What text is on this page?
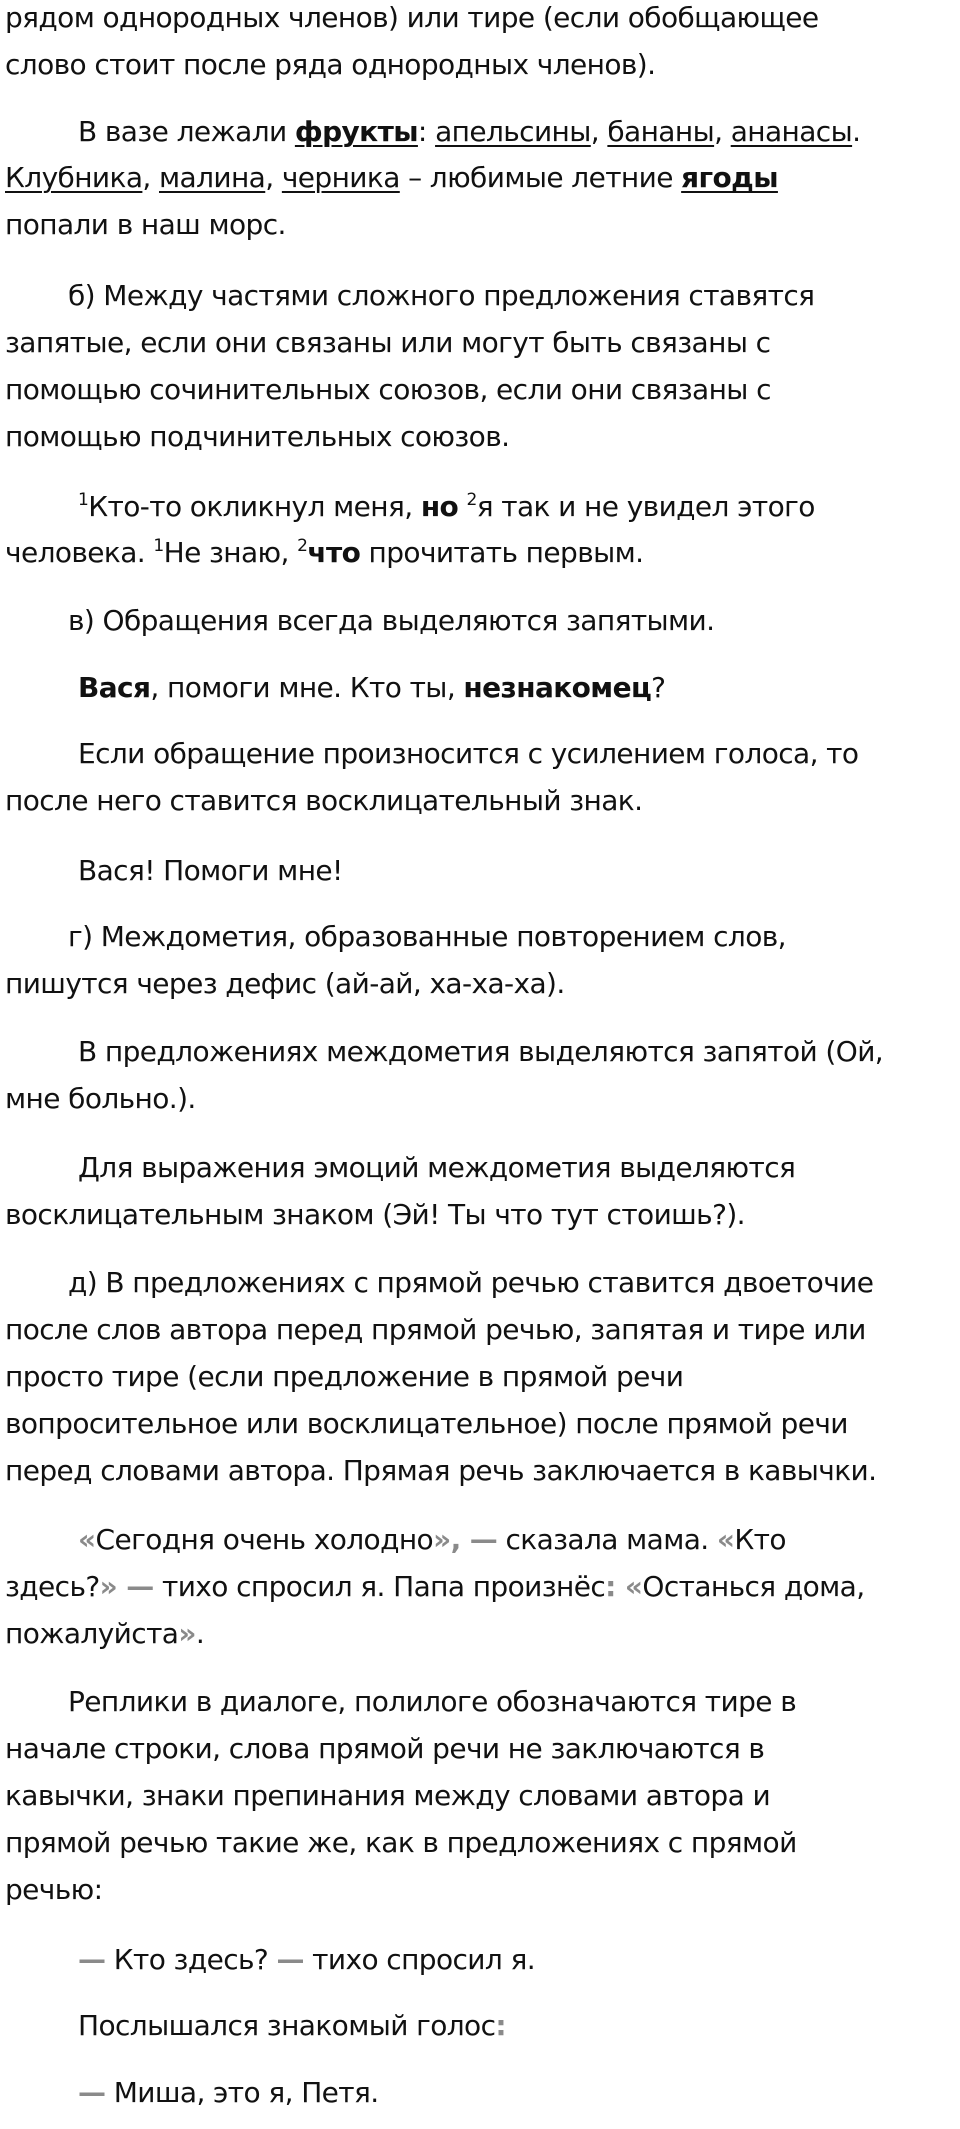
рядом однородных членов) или тире (если обобщающее
слово стоит после ряда однородных членов).
В вазе лежали фрукты: апельсины, бананы, ананасы.
Клубника, малина, черника – любимые летние ягоды
попали в наш морс.
б) Между частями сложного предложения ставятся
запятые, если они связаны или могут быть связаны с
помощью сочинительных союзов, если они связаны с
помощью подчинительных союзов.
$^1$Кто-то окликнул меня, но $^2$я так и не увидел этого
человека. $^1$Не знаю, $^2$что прочитать первым.
в) Обращения всегда выделяются запятыми.
Вася, помоги мне. Кто ты, незнакомец?
Если обращение произносится с усилением голоса, то
после него ставится восклицательный знак.
Вася! Помоги мне!
г) Междометия, образованные повторением слов,
пишутся через дефис (ай-ай, ха-ха-ха).
В предложениях междометия выделяются запятой (Ой,
мне больно.).
Для выражения эмоций междометия выделяются
восклицательным знаком (Эй! Ты что тут стоишь?).
д) В предложениях с прямой речью ставится двоеточие
после слов автора перед прямой речью, запятая и тире или
просто тире (если предложение в прямой речи
вопросительное или восклицательное) после прямой речи
перед словами автора. Прямая речь заключается в кавычки.
«Сегодня очень холодно», — сказала мама. «Кто
здесь?» — тихо спросил я. Папа произнёс: «Останься дома,
пожалуйста».
Реплики в диалоге, полилоге обозначаются тире в
начале строки, слова прямой речи не заключаются в
кавычки, знаки препинания между словами автора и
прямой речью такие же, как в предложениях с прямой
речью:
— Кто здесь? — тихо спросил я.
Послышался знакомый голос:
— Миша, это я, Петя.
